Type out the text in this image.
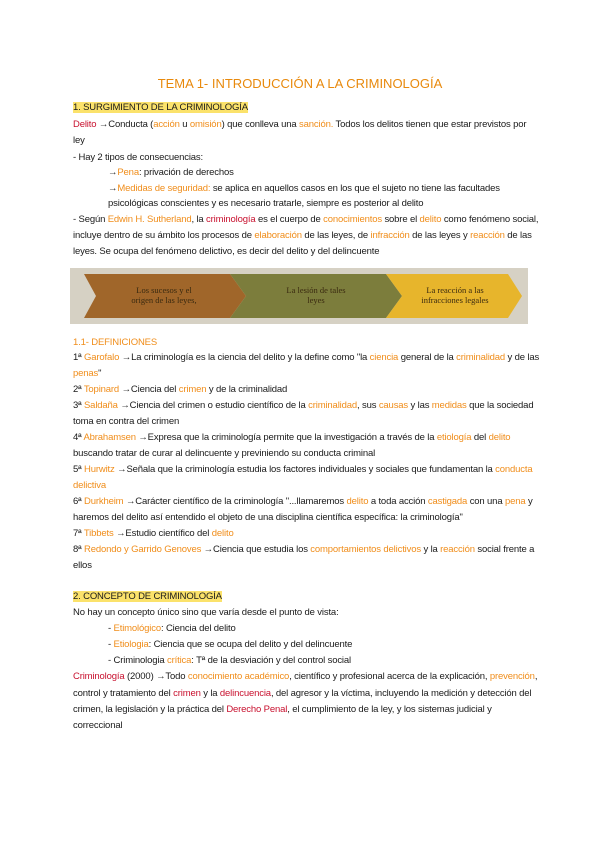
TEMA 1- INTRODUCCIÓN A LA CRIMINOLOGÍA
1. SURGIMIENTO DE LA CRIMINOLOGÍA
Delito →Conducta (acción u omisión) que conlleva una sanción. Todos los delitos tienen que estar previstos por
ley
- Hay 2 tipos de consecuencias:
→Pena: privación de derechos
→Medidas de seguridad: se aplica en aquellos casos en los que el sujeto no tiene las facultades
psicológicas conscientes y es necesario tratarle, siempre es posterior al delito
- Según Edwin H. Sutherland, la criminología es el cuerpo de conocimientos sobre el delito como fenómeno social,
incluye dentro de su ámbito los procesos de elaboración de las leyes, de infracción de las leyes y reacción de las
leyes. Se ocupa del fenómeno delictivo, es decir del delito y del delincuente
Los sucesos y el
origen de las leyes,
La lesión de tales
leyes
La reacción a las
infracciones legales
1.1- DEFINICIONES
1ª Garofalo →La criminología es la ciencia del delito y la define como "la ciencia general de la criminalidad y de las
penas"
2ª Topinard →Ciencia del crimen y de la criminalidad
3ª Saldaña →Ciencia del crimen o estudio científico de la criminalidad, sus causas y las medidas que la sociedad
toma en contra del crimen
4ª Abrahamsen →Expresa que la criminología permite que la investigación a través de la etiología del delito
buscando tratar de curar al delincuente y previniendo su conducta criminal
5ª Hurwitz →Señala que la criminología estudia los factores individuales y sociales que fundamentan la conducta
delictiva
6ª Durkheim →Carácter científico de la criminología "...llamaremos delito a toda acción castigada con una pena y
haremos del delito así entendido el objeto de una disciplina científica específica: la criminología"
7ª Tibbets →Estudio científico del delito
8ª Redondo y Garrido Genoves →Ciencia que estudia los comportamientos delictivos y la reacción social frente a
ellos
2. CONCEPTO DE CRIMINOLOGÍA
No hay un concepto único sino que varía desde el punto de vista:
- Etimológico: Ciencia del delito
- Etiologia: Ciencia que se ocupa del delito y del delincuente
- Criminologia crítica: Tª de la desviación y del control social
Criminología (2000) →Todo conocimiento académico, científico y profesional acerca de la explicación, prevención,
control y tratamiento del crimen y la delincuencia, del agresor y la víctima, incluyendo la medición y detección del
crimen, la legislación y la práctica del Derecho Penal, el cumplimiento de la ley, y los sistemas judicial y
correccional
